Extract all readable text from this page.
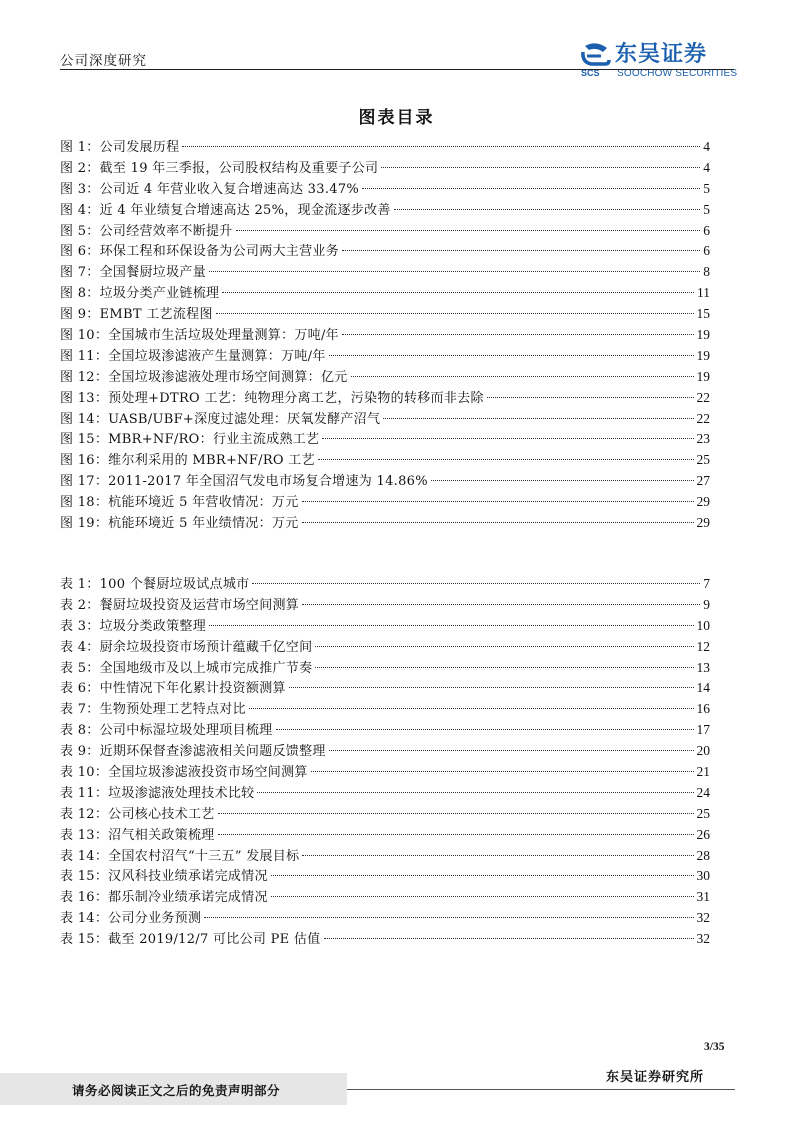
公司深度研究
SCS
东吴证券
SOOCHOW SECURITIES
图表目录
图 1：公司发展历程	4
图 2：截至 19 年三季报，公司股权结构及重要子公司	4
图 3：公司近 4 年营业收入复合增速高达 33.47%	5
图 4：近 4 年业绩复合增速高达 25%，现金流逐步改善	5
图 5：公司经营效率不断提升	6
图 6：环保工程和环保设备为公司两大主营业务	6
图 7：全国餐厨垃圾产量	8
图 8：垃圾分类产业链梳理	11
图 9：EMBT 工艺流程图	15
图 10：全国城市生活垃圾处理量测算：万吨/年	19
图 11：全国垃圾渗滤液产生量测算：万吨/年	19
图 12：全国垃圾渗滤液处理市场空间测算：亿元	19
图 13：预处理+DTRO 工艺：纯物理分离工艺，污染物的转移而非去除	22
图 14：UASB/UBF+深度过滤处理：厌氧发酵产沼气	22
图 15：MBR+NF/RO：行业主流成熟工艺	23
图 16：维尔利采用的 MBR+NF/RO 工艺	25
图 17：2011-2017 年全国沼气发电市场复合增速为 14.86%	27
图 18：杭能环境近 5 年营收情况：万元	29
图 19：杭能环境近 5 年业绩情况：万元	29
表 1：100 个餐厨垃圾试点城市	7
表 2：餐厨垃圾投资及运营市场空间测算	9
表 3：垃圾分类政策整理	10
表 4：厨余垃圾投资市场预计蕴藏千亿空间	12
表 5：全国地级市及以上城市完成推广节奏	13
表 6：中性情况下年化累计投资额测算	14
表 7：生物预处理工艺特点对比	16
表 8：公司中标湿垃圾处理项目梳理	17
表 9：近期环保督查渗滤液相关问题反馈整理	20
表 10：全国垃圾渗滤液投资市场空间测算	21
表 11：垃圾渗滤液处理技术比较	24
表 12：公司核心技术工艺	25
表 13：沼气相关政策梳理	26
表 14：全国农村沼气“十三五” 发展目标	28
表 15：汉风科技业绩承诺完成情况	30
表 16：都乐制冷业绩承诺完成情况	31
表 14：公司分业务预测	32
表 15：截至 2019/12/7 可比公司 PE 估值	32
3/35
东吴证券研究所
请务必阅读正文之后的免责声明部分
